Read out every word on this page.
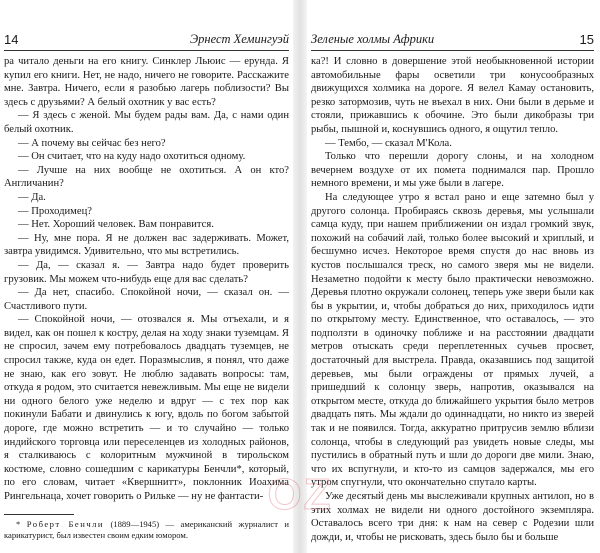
14	Эрнест Хемингуэй

ра читало деньги на его книгу. Синклер Льюис — ерунда. Я купил его книги. Нет, не надо, ничего не говорите. Расскажите мне. Завтра. Ничего, если я разобью лагерь поблизости? Вы здесь с друзьями? А белый охотник у вас есть?

— Я здесь с женой. Мы будем рады вам. Да, с нами один белый охотник.

— А почему вы сейчас без него?

— Он считает, что на куду надо охотиться одному.

— Лучше на них вообще не охотиться. А он кто? Англичанин?

— Да.

— Проходимец?

— Нет. Хороший человек. Вам понравится.

— Ну, мне пора. Я не должен вас задерживать. Может, завтра увидимся. Удивительно, что мы встретились.

— Да, — сказал я. — Завтра надо будет проверить грузовик. Мы можем что-нибудь еще для вас сделать?

— Да нет, спасибо. Спокойной ночи, — сказал он. — Счастливого пути.

— Спокойной ночи, — отозвался я. Мы отъехали, и я видел, как он пошел к костру, делая на ходу знаки туземцам. Я не спросил, зачем ему потребовалось двадцать туземцев, не спросил также, куда он едет. Поразмыслив, я понял, что даже не знаю, как его зовут. Не люблю задавать вопросы: там, откуда я родом, это считается невежливым. Мы еще не видели ни одного белого уже неделю и вдруг — с тех пор как покинули Бабати и двинулись к югу, вдоль по богом забытой дороге, где можно встретить — и то случайно — только индийского торговца или переселенцев из холодных районов, я сталкиваюсь с колоритным мужчиной в тирольском костюме, словно сошедшим с карикатуры Бенчли*, который, по его словам, читает «Квершнитт», поклонник Иоахима Рингельнаца, хочет говорить о Рильке — ну не фантасти-

* Роберт Бенчли (1889—1945) — американский журналист и карикатурист, был известен своим едким юмором.
Зеленые холмы Африки	15

ка?! И словно в довершение этой необыкновенной истории автомобильные фары осветили три конусообразных движущихся холмика на дороге. Я велел Камау остановить, резко затормозив, чуть не въехал в них. Они были в дерьме и стояли, прижавшись к обочине. Это были дикобразы три рыбы, пышной и, коснувшись одного, я ощутил тепло.

— Тембо, — сказал М'Кола.

Только что перешли дорогу слоны, и на холодном вечернем воздухе от их помета поднимался пар. Прошло немного времени, и мы уже были в лагере.

На следующее утро я встал рано и еще затемно был у другого солонца. Пробираясь сквозь деревья, мы услышали самца куду, при нашем приближении он издал громкий звук, похожий на собачий лай, только более высокий и хриплый, и бесшумно исчез. Некоторое время спустя до нас вновь из кустов послышался треск, но самого зверя мы не видели. Незаметно подойти к месту было практически невозможно. Деревья плотно окружали солонец, теперь уже звери были как бы в укрытии, и, чтобы добраться до них, приходилось идти по открытому месту. Единственное, что оставалось, — это подползти в одиночку поближе и на расстоянии двадцати метров отыскать среди переплетенных сучьев просвет, достаточный для выстрела. Правда, оказавшись под защитой деревьев, мы были ограждены от прямых лучей, а пришедший к солонцу зверь, напротив, оказывался на открытом месте, откуда до ближайшего укрытия было метров двадцать пять. Мы ждали до одиннадцати, но никто из зверей так и не появился. Тогда, аккуратно притрусив землю вблизи солонца, чтобы в следующий раз увидеть новые следы, мы пустились в обратный путь и шли до дороги две мили. Знаю, что их вспугнули, и кто-то из самцов задержался, мы его утром спугнули, что окончательно спутало карты.

Уже десятый день мы выслеживали крупных антилоп, но в этих холмах не видели ни одного достойного экземпляра. Оставалось всего три дня: к нам на север с Родезии шли дожди, и, чтобы не рисковать, здесь было бы и больше
